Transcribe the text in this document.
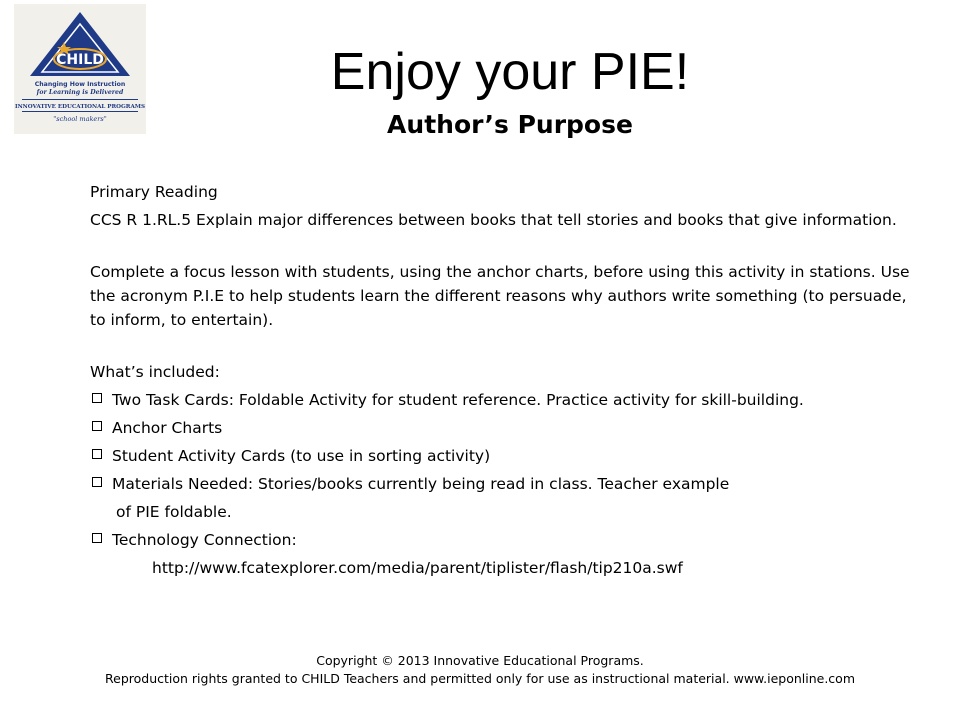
CHILD
Changing How Instruction
for Learning is Delivered
INNOVATIVE EDUCATIONAL PROGRAMS
"school makers"
Enjoy your PIE!
Author’s Purpose
Primary Reading
CCS R 1.RL.5 Explain major differences between books that tell stories and books that give information.
Complete a focus lesson with students, using the anchor charts, before using this activity in stations. Use the acronym P.I.E to help students learn the different reasons why authors write something (to persuade, to inform, to entertain).
What’s included:
Two Task Cards: Foldable Activity for student reference. Practice activity for skill-building.
Anchor Charts
Student Activity Cards (to use in sorting activity)
Materials Needed: Stories/books currently being read in class. Teacher example
of PIE foldable.
Technology Connection:
http://www.fcatexplorer.com/media/parent/tiplister/flash/tip210a.swf
Copyright © 2013 Innovative Educational Programs.
Reproduction rights granted to CHILD Teachers and permitted only for use as instructional material. www.ieponline.com
